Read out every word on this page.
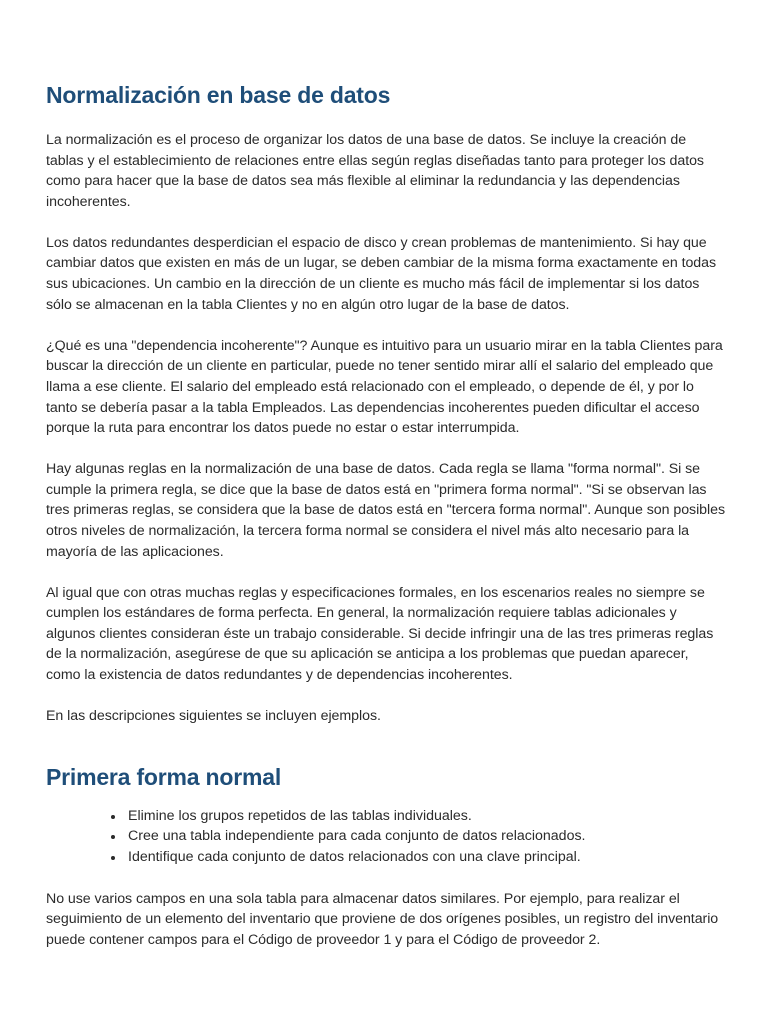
Normalización en base de datos

La normalización es el proceso de organizar los datos de una base de datos. Se incluye la creación de tablas y el establecimiento de relaciones entre ellas según reglas diseñadas tanto para proteger los datos como para hacer que la base de datos sea más flexible al eliminar la redundancia y las dependencias incoherentes.

Los datos redundantes desperdician el espacio de disco y crean problemas de mantenimiento. Si hay que cambiar datos que existen en más de un lugar, se deben cambiar de la misma forma exactamente en todas sus ubicaciones. Un cambio en la dirección de un cliente es mucho más fácil de implementar si los datos sólo se almacenan en la tabla Clientes y no en algún otro lugar de la base de datos.

¿Qué es una "dependencia incoherente"? Aunque es intuitivo para un usuario mirar en la tabla Clientes para buscar la dirección de un cliente en particular, puede no tener sentido mirar allí el salario del empleado que llama a ese cliente. El salario del empleado está relacionado con el empleado, o depende de él, y por lo tanto se debería pasar a la tabla Empleados. Las dependencias incoherentes pueden dificultar el acceso porque la ruta para encontrar los datos puede no estar o estar interrumpida.

Hay algunas reglas en la normalización de una base de datos. Cada regla se llama "forma normal". Si se cumple la primera regla, se dice que la base de datos está en "primera forma normal". "Si se observan las tres primeras reglas, se considera que la base de datos está en "tercera forma normal". Aunque son posibles otros niveles de normalización, la tercera forma normal se considera el nivel más alto necesario para la mayoría de las aplicaciones.

Al igual que con otras muchas reglas y especificaciones formales, en los escenarios reales no siempre se cumplen los estándares de forma perfecta. En general, la normalización requiere tablas adicionales y algunos clientes consideran éste un trabajo considerable. Si decide infringir una de las tres primeras reglas de la normalización, asegúrese de que su aplicación se anticipa a los problemas que puedan aparecer, como la existencia de datos redundantes y de dependencias incoherentes.

En las descripciones siguientes se incluyen ejemplos.

Primera forma normal
• Elimine los grupos repetidos de las tablas individuales.
• Cree una tabla independiente para cada conjunto de datos relacionados.
• Identifique cada conjunto de datos relacionados con una clave principal.

No use varios campos en una sola tabla para almacenar datos similares. Por ejemplo, para realizar el seguimiento de un elemento del inventario que proviene de dos orígenes posibles, un registro del inventario puede contener campos para el Código de proveedor 1 y para el Código de proveedor 2.
